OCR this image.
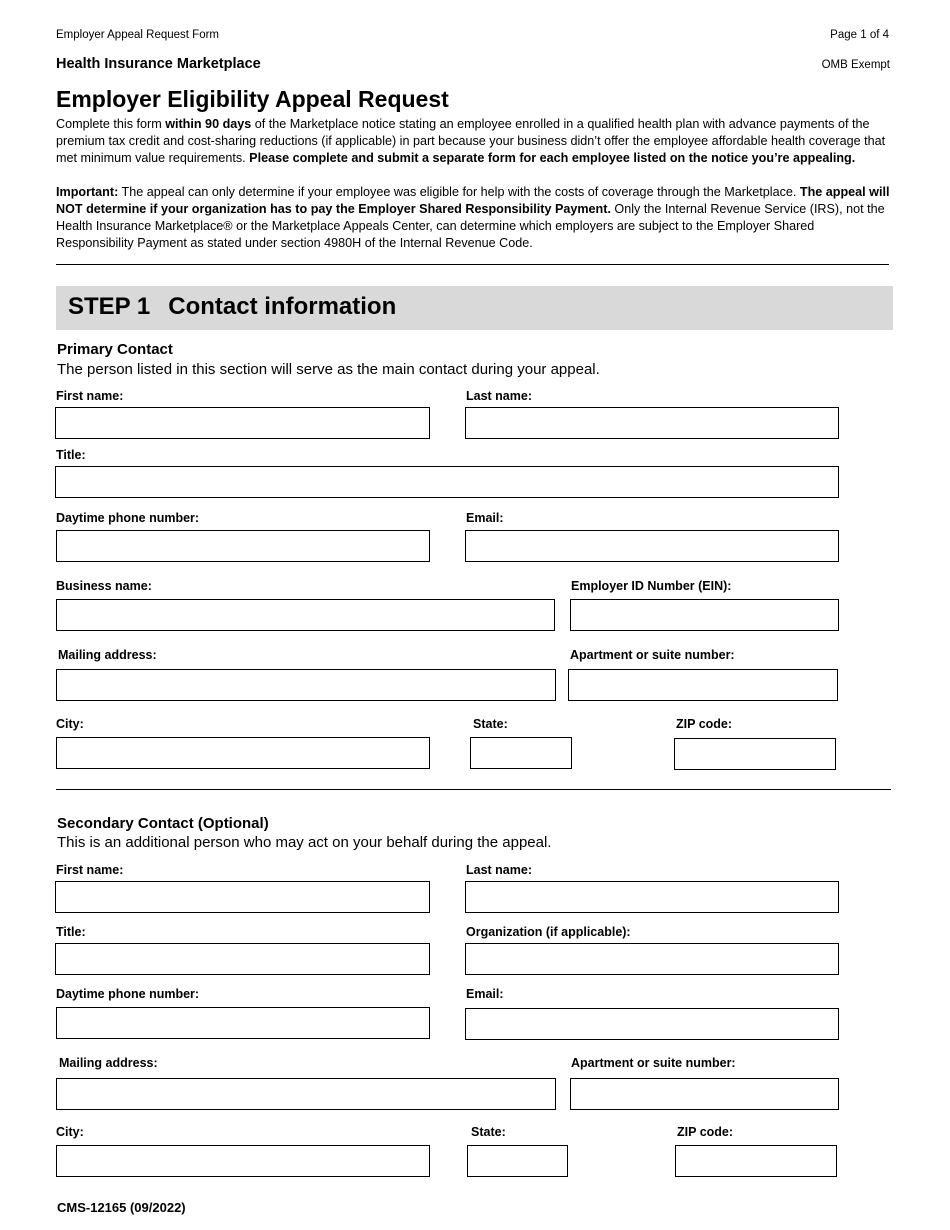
Employer Appeal Request Form	Page 1 of 4
Health Insurance Marketplace	OMB Exempt
Employer Eligibility Appeal Request
Complete this form within 90 days of the Marketplace notice stating an employee enrolled in a qualified health plan with advance payments of the premium tax credit and cost-sharing reductions (if applicable) in part because your business didn’t offer the employee affordable health coverage that met minimum value requirements. Please complete and submit a separate form for each employee listed on the notice you’re appealing.
Important: The appeal can only determine if your employee was eligible for help with the costs of coverage through the Marketplace. The appeal will NOT determine if your organization has to pay the Employer Shared Responsibility Payment. Only the Internal Revenue Service (IRS), not the Health Insurance Marketplace® or the Marketplace Appeals Center, can determine which employers are subject to the Employer Shared Responsibility Payment as stated under section 4980H of the Internal Revenue Code.
STEP 1 Contact information
Primary Contact
The person listed in this section will serve as the main contact during your appeal.
First name:	Last name:
Title:
Daytime phone number:	Email:
Business name:	Employer ID Number (EIN):
Mailing address:	Apartment or suite number:
City:	State:	ZIP code:
Secondary Contact (Optional)
This is an additional person who may act on your behalf during the appeal.
First name:	Last name:
Title:	Organization (if applicable):
Daytime phone number:	Email:
Mailing address:	Apartment or suite number:
City:	State:	ZIP code:
CMS-12165 (09/2022)
